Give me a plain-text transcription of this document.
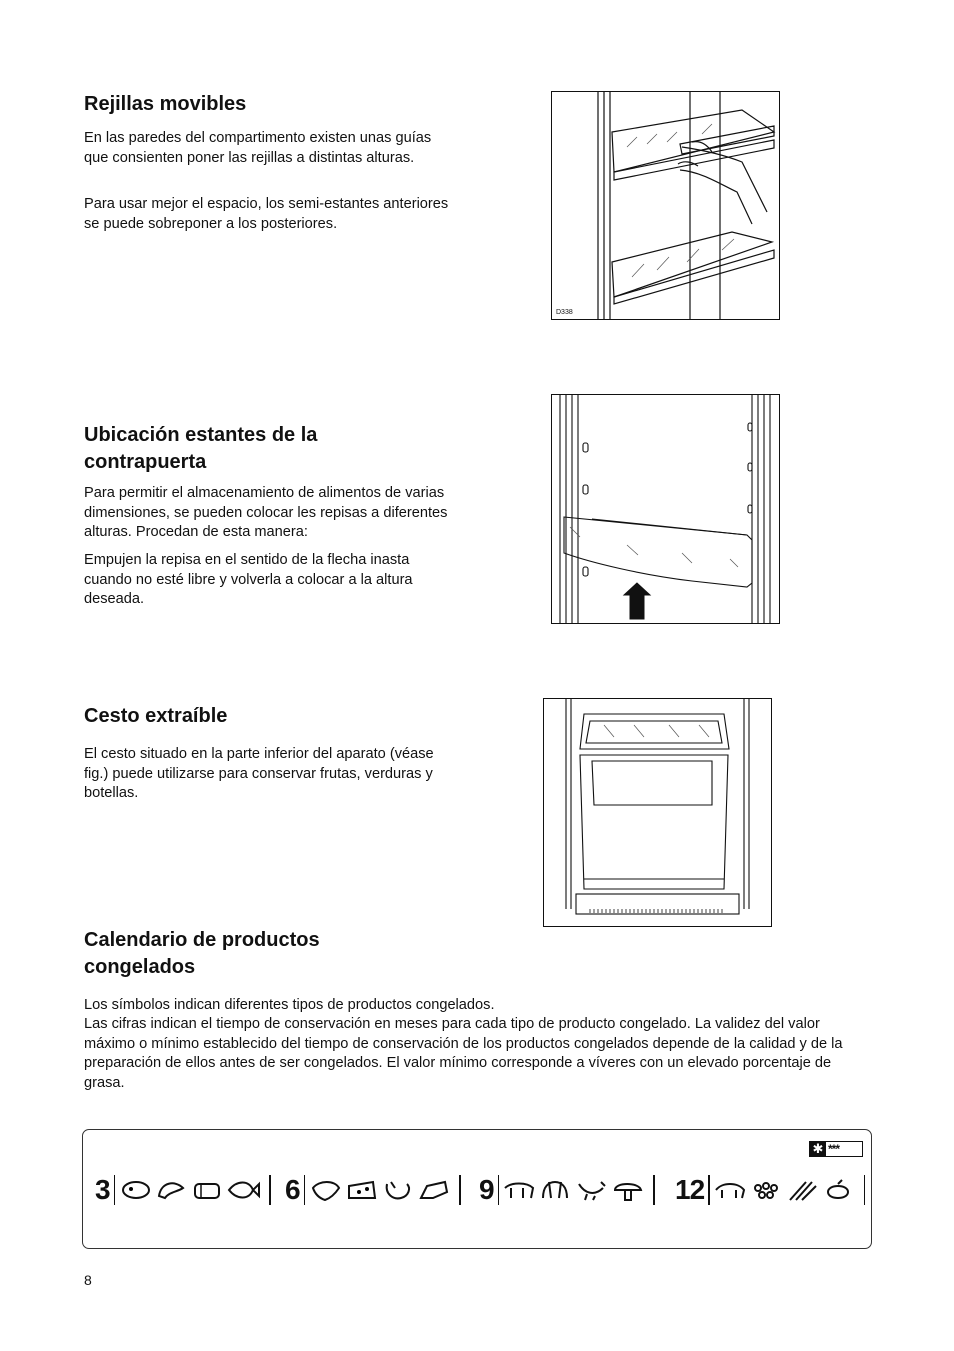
Rejillas movibles

En las paredes del compartimento existen unas guías que consienten poner las rejillas a distintas alturas.

Para usar mejor el espacio, los semi-estantes anteriores se puede sobreponer a los posteriores.

D338
Ubicación estantes de la contrapuerta

Para permitir el almacenamiento de alimentos de varias dimensiones, se pueden colocar les repisas a diferentes alturas. Procedan de esta manera:

Empujen la repisa en el sentido de la flecha inasta cuando no esté libre y volverla a colocar a la altura deseada.

Cesto extraíble

El cesto situado en la parte inferior del aparato (véase fig.) puede utilizarse para conservar frutas, verduras y botellas.

Calendario de productos congelados

Los símbolos indican diferentes tipos de productos congelados.

Las cifras indican el tiempo de conservación en meses para cada tipo de producto congelado. La validez del valor máximo o mínimo establecido del tiempo de conservación de los productos congelados depende de la calidad y de la preparación de ellos antes de ser congelados. El valor mínimo corresponde a víveres con un elevado porcentaje de grasa.

✱ ***
3	6	9	12
8
